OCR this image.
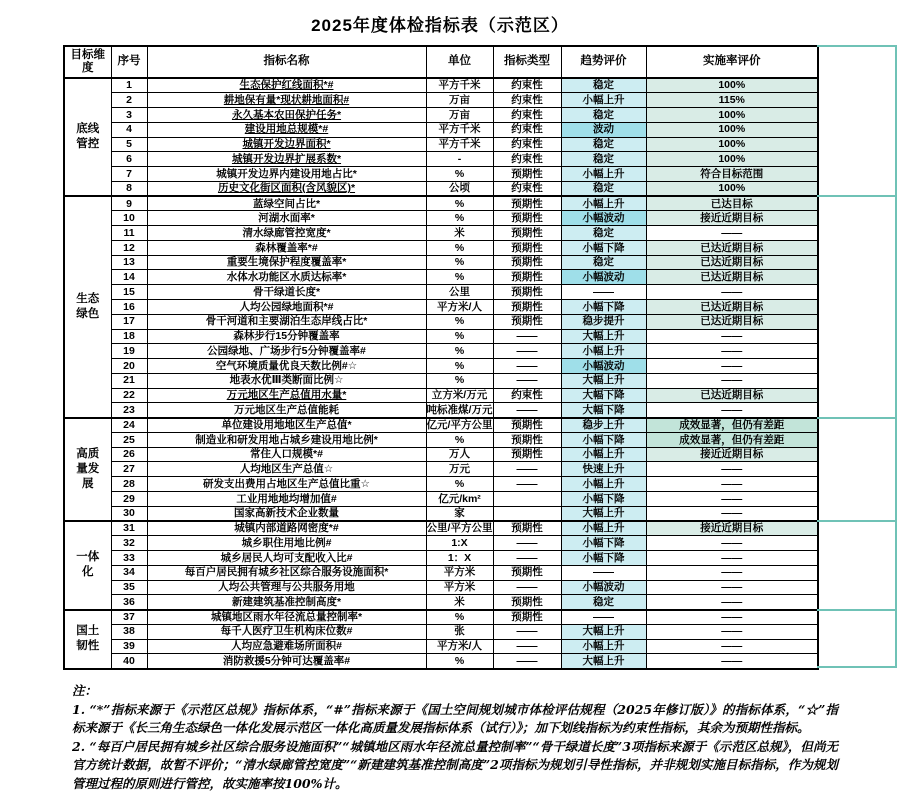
2025年度体检指标表（示范区）
目标维度	序号	指标名称	单位	指标类型	趋势评价	实施率评价
底线
管控	1	生态保护红线面积*#	平方千米	约束性	稳定	100%
	2	耕地保有量*现状耕地面积#	万亩	约束性	小幅上升	115%
	3	永久基本农田保护任务*	万亩	约束性	稳定	100%
	4	建设用地总规模*#	平方千米	约束性	波动	100%
	5	城镇开发边界面积*	平方千米	约束性	稳定	100%
	6	城镇开发边界扩展系数*	-	约束性	稳定	100%
	7	城镇开发边界内建设用地占比*	%	预期性	小幅上升	符合目标范围
	8	历史文化街区面积(含风貌区)*	公顷	约束性	稳定	100%
生态
绿色	9	蓝绿空间占比*	%	预期性	小幅上升	已达目标
	10	河湖水面率*	%	预期性	小幅波动	接近近期目标
	11	清水绿廊管控宽度*	米	预期性	稳定	——
	12	森林覆盖率*#	%	预期性	小幅下降	已达近期目标
	13	重要生境保护程度覆盖率*	%	预期性	稳定	已达近期目标
	14	水体水功能区水质达标率*	%	预期性	小幅波动	已达近期目标
	15	骨干绿道长度*	公里	预期性	——	——
	16	人均公园绿地面积*#	平方米/人	预期性	小幅下降	已达近期目标
	17	骨干河道和主要湖泊生态岸线占比*	%	预期性	稳步提升	已达近期目标
	18	森林步行15分钟覆盖率	%	——	大幅上升	——
	19	公园绿地、广场步行5分钟覆盖率#	%	——	小幅上升	——
	20	空气环境质量优良天数比例#☆	%	——	小幅波动	——
	21	地表水优Ⅲ类断面比例☆	%	——	大幅上升	——
	22	万元地区生产总值用水量*	立方米/万元	约束性	大幅下降	已达近期目标
	23	万元地区生产总值能耗	吨标准煤/万元	——	大幅下降	——
高质
量发
展	24	单位建设用地地区生产总值*	亿元/平方公里	预期性	稳步上升	成效显著，但仍有差距
	25	制造业和研发用地占城乡建设用地比例*	%	预期性	小幅下降	成效显著，但仍有差距
	26	常住人口规模*#	万人	预期性	小幅上升	接近近期目标
	27	人均地区生产总值☆	万元	——	快速上升	——
	28	研发支出费用占地区生产总值比重☆	%	——	小幅上升	——
	29	工业用地地均增加值#	亿元/km²		小幅下降	——
	30	国家高新技术企业数量	家		大幅上升	——
一体
化	31	城镇内部道路网密度*#	公里/平方公里	预期性	小幅上升	接近近期目标
	32	城乡职住用地比例#	1:X	——	小幅下降	——
	33	城乡居民人均可支配收入比#	1：X	——	小幅下降	——
	34	每百户居民拥有城乡社区综合服务设施面积*	平方米	预期性	——	——
	35	人均公共管理与公共服务用地	平方米	——	小幅波动	——
	36	新建建筑基准控制高度*	米	预期性	稳定	——
国土
韧性	37	城镇地区雨水年径流总量控制率*	%	预期性	——	——
	38	每千人医疗卫生机构床位数#	张	——	大幅上升	——
	39	人均应急避难场所面积#	平方米/人	——	小幅上升	——
	40	消防救援5分钟可达覆盖率#	%	——	大幅上升	——

注：

1. “*”指标来源于《示范区总规》指标体系，“#”指标来源于《国土空间规划城市体检评估规程（2025年修订版）》的指标体系，“☆”指标来源于《长三角生态绿色一体化发展示范区一体化高质量发展指标体系（试行）》；加下划线指标为约束性指标，其余为预期性指标。

2. “每百户居民拥有城乡社区综合服务设施面积”“城镇地区雨水年径流总量控制率”“骨干绿道长度”3项指标来源于《示范区总规》，但尚无官方统计数据，故暂不评价；“清水绿廊管控宽度”“新建建筑基准控制高度”2项指标为规划引导性指标，并非规划实施目标指标，作为规划管理过程的原则进行管控，故实施率按100%计。
